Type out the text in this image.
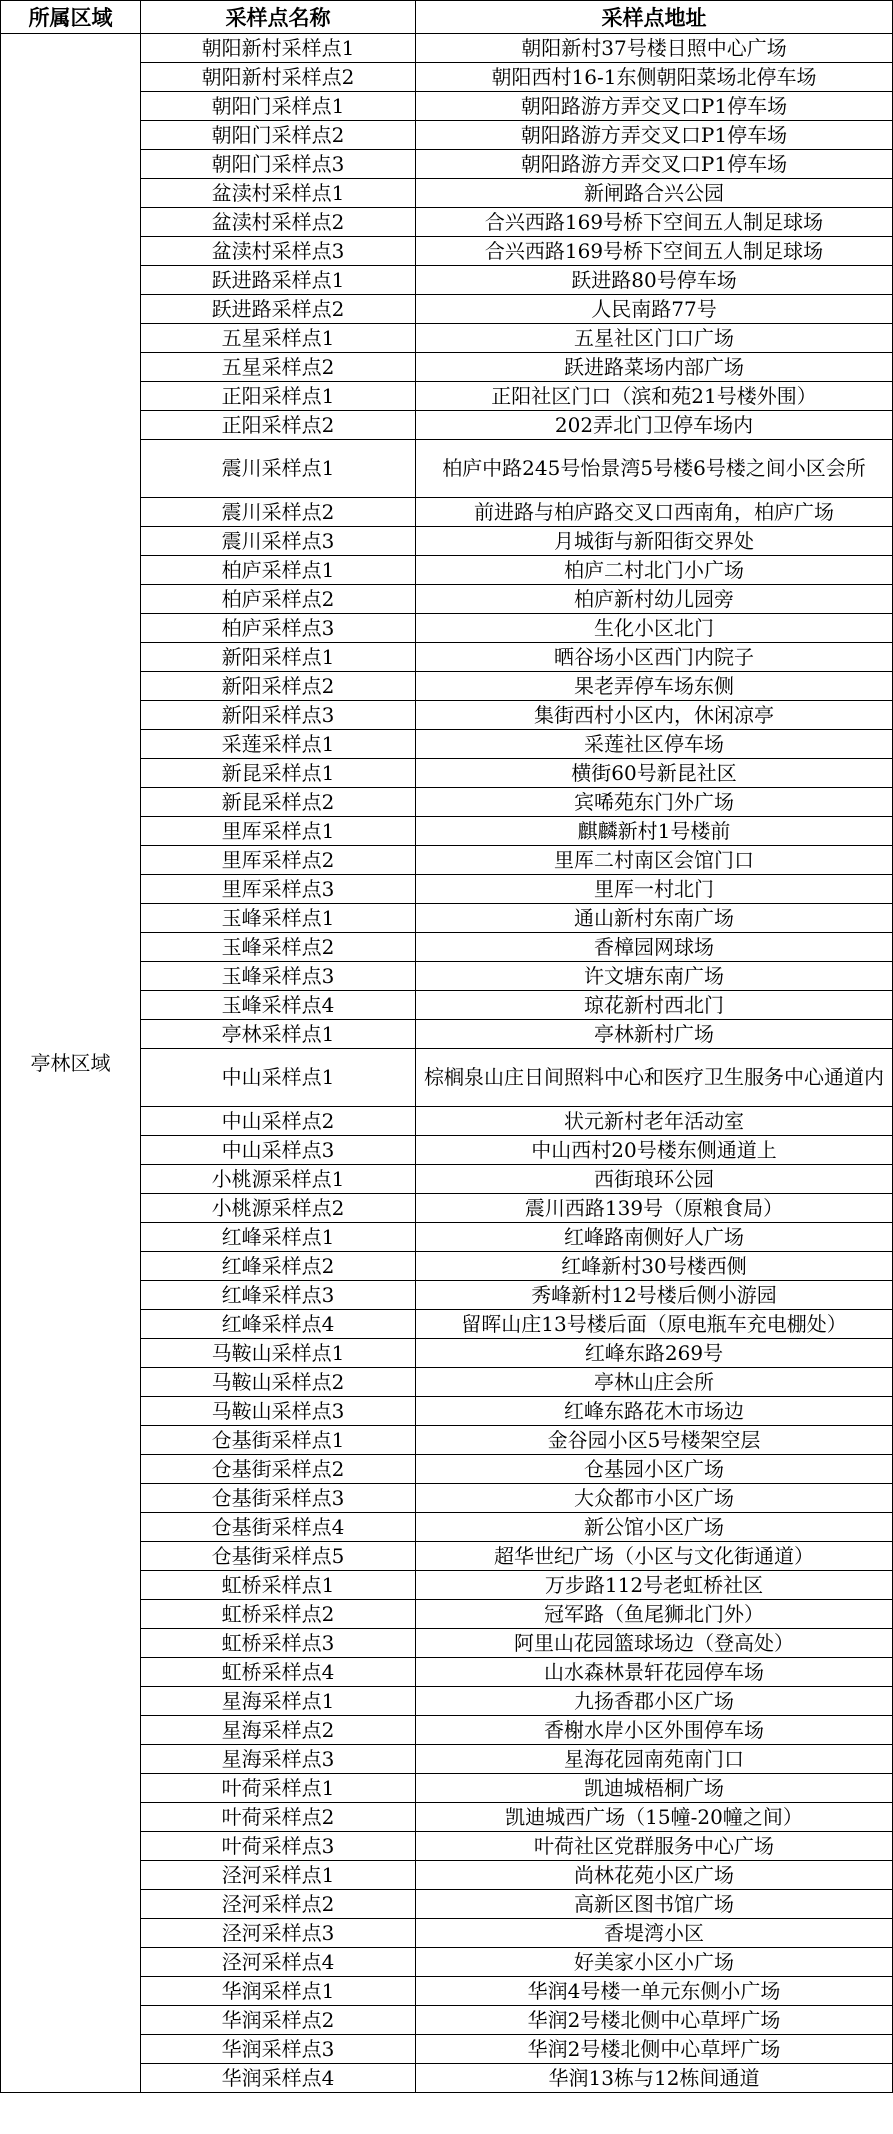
所属区域	采样点名称	采样点地址
亭林区域	朝阳新村采样点1	朝阳新村37号楼日照中心广场
	朝阳新村采样点2	朝阳西村16-1东侧朝阳菜场北停车场
	朝阳门采样点1	朝阳路游方弄交叉口P1停车场
	朝阳门采样点2	朝阳路游方弄交叉口P1停车场
	朝阳门采样点3	朝阳路游方弄交叉口P1停车场
	盆渎村采样点1	新闸路合兴公园
	盆渎村采样点2	合兴西路169号桥下空间五人制足球场
	盆渎村采样点3	合兴西路169号桥下空间五人制足球场
	跃进路采样点1	跃进路80号停车场
	跃进路采样点2	人民南路77号
	五星采样点1	五星社区门口广场
	五星采样点2	跃进路菜场内部广场
	正阳采样点1	正阳社区门口（滨和苑21号楼外围）
	正阳采样点2	202弄北门卫停车场内
	震川采样点1	柏庐中路245号怡景湾5号楼6号楼之间小区会所
	震川采样点2	前进路与柏庐路交叉口西南角，柏庐广场
	震川采样点3	月城街与新阳街交界处
	柏庐采样点1	柏庐二村北门小广场
	柏庐采样点2	柏庐新村幼儿园旁
	柏庐采样点3	生化小区北门
	新阳采样点1	晒谷场小区西门内院子
	新阳采样点2	果老弄停车场东侧
	新阳采样点3	集街西村小区内，休闲凉亭
	采莲采样点1	采莲社区停车场
	新昆采样点1	横街60号新昆社区
	新昆采样点2	宾唏苑东门外广场
	里厍采样点1	麒麟新村1号楼前
	里厍采样点2	里厍二村南区会馆门口
	里厍采样点3	里厍一村北门
	玉峰采样点1	通山新村东南广场
	玉峰采样点2	香樟园网球场
	玉峰采样点3	许文塘东南广场
	玉峰采样点4	琼花新村西北门
	亭林采样点1	亭林新村广场
	中山采样点1	棕榈泉山庄日间照料中心和医疗卫生服务中心通道内
	中山采样点2	状元新村老年活动室
	中山采样点3	中山西村20号楼东侧通道上
	小桃源采样点1	西街琅环公园
	小桃源采样点2	震川西路139号（原粮食局）
	红峰采样点1	红峰路南侧好人广场
	红峰采样点2	红峰新村30号楼西侧
	红峰采样点3	秀峰新村12号楼后侧小游园
	红峰采样点4	留晖山庄13号楼后面（原电瓶车充电棚处）
	马鞍山采样点1	红峰东路269号
	马鞍山采样点2	亭林山庄会所
	马鞍山采样点3	红峰东路花木市场边
	仓基街采样点1	金谷园小区5号楼架空层
	仓基街采样点2	仓基园小区广场
	仓基街采样点3	大众都市小区广场
	仓基街采样点4	新公馆小区广场
	仓基街采样点5	超华世纪广场（小区与文化街通道）
	虹桥采样点1	万步路112号老虹桥社区
	虹桥采样点2	冠军路（鱼尾狮北门外）
	虹桥采样点3	阿里山花园篮球场边（登高处）
	虹桥采样点4	山水森林景轩花园停车场
	星海采样点1	九扬香郡小区广场
	星海采样点2	香榭水岸小区外围停车场
	星海采样点3	星海花园南苑南门口
	叶荷采样点1	凯迪城梧桐广场
	叶荷采样点2	凯迪城西广场（15幢-20幢之间）
	叶荷采样点3	叶荷社区党群服务中心广场
	泾河采样点1	尚林花苑小区广场
	泾河采样点2	高新区图书馆广场
	泾河采样点3	香堤湾小区
	泾河采样点4	好美家小区小广场
	华润采样点1	华润4号楼一单元东侧小广场
	华润采样点2	华润2号楼北侧中心草坪广场
	华润采样点3	华润2号楼北侧中心草坪广场
	华润采样点4	华润13栋与12栋间通道
